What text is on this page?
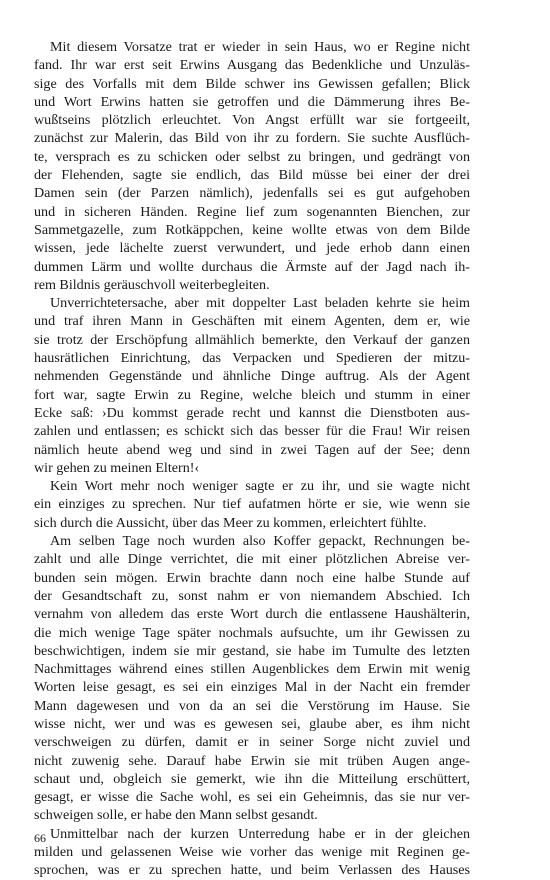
Mit diesem Vorsatze trat er wieder in sein Haus, wo er Regine nicht
fand. Ihr war erst seit Erwins Ausgang das Bedenkliche und Unzuläs-
sige des Vorfalls mit dem Bilde schwer ins Gewissen gefallen; Blick
und Wort Erwins hatten sie getroffen und die Dämmerung ihres Be-
wußtseins plötzlich erleuchtet. Von Angst erfüllt war sie fortgeeilt,
zunächst zur Malerin, das Bild von ihr zu fordern. Sie suchte Ausflüch-
te, versprach es zu schicken oder selbst zu bringen, und gedrängt von
der Flehenden, sagte sie endlich, das Bild müsse bei einer der drei
Damen sein (der Parzen nämlich), jedenfalls sei es gut aufgehoben
und in sicheren Händen. Regine lief zum sogenannten Bienchen, zur
Sammetgazelle, zum Rotkäppchen, keine wollte etwas von dem Bilde
wissen, jede lächelte zuerst verwundert, und jede erhob dann einen
dummen Lärm und wollte durchaus die Ärmste auf der Jagd nach ih-
rem Bildnis geräuschvoll weiterbegleiten.
Unverrichtetersache, aber mit doppelter Last beladen kehrte sie heim
und traf ihren Mann in Geschäften mit einem Agenten, dem er, wie
sie trotz der Erschöpfung allmählich bemerkte, den Verkauf der ganzen
hausrätlichen Einrichtung, das Verpacken und Spedieren der mitzu-
nehmenden Gegenstände und ähnliche Dinge auftrug. Als der Agent
fort war, sagte Erwin zu Regine, welche bleich und stumm in einer
Ecke saß: ›Du kommst gerade recht und kannst die Dienstboten aus-
zahlen und entlassen; es schickt sich das besser für die Frau! Wir reisen
nämlich heute abend weg und sind in zwei Tagen auf der See; denn
wir gehen zu meinen Eltern!‹
Kein Wort mehr noch weniger sagte er zu ihr, und sie wagte nicht
ein einziges zu sprechen. Nur tief aufatmen hörte er sie, wie wenn sie
sich durch die Aussicht, über das Meer zu kommen, erleichtert fühlte.
Am selben Tage noch wurden also Koffer gepackt, Rechnungen be-
zahlt und alle Dinge verrichtet, die mit einer plötzlichen Abreise ver-
bunden sein mögen. Erwin brachte dann noch eine halbe Stunde auf
der Gesandtschaft zu, sonst nahm er von niemandem Abschied. Ich
vernahm von alledem das erste Wort durch die entlassene Haushälterin,
die mich wenige Tage später nochmals aufsuchte, um ihr Gewissen zu
beschwichtigen, indem sie mir gestand, sie habe im Tumulte des letzten
Nachmittages während eines stillen Augenblickes dem Erwin mit wenig
Worten leise gesagt, es sei ein einziges Mal in der Nacht ein fremder
Mann dagewesen und von da an sei die Verstörung im Hause. Sie
wisse nicht, wer und was es gewesen sei, glaube aber, es ihm nicht
verschweigen zu dürfen, damit er in seiner Sorge nicht zuviel und
nicht zuwenig sehe. Darauf habe Erwin sie mit trüben Augen ange-
schaut und, obgleich sie gemerkt, wie ihn die Mitteilung erschüttert,
gesagt, er wisse die Sache wohl, es sei ein Geheimnis, das sie nur ver-
schweigen solle, er habe den Mann selbst gesandt.
Unmittelbar nach der kurzen Unterredung habe er in der gleichen
milden und gelassenen Weise wie vorher das wenige mit Reginen ge-
sprochen, was er zu sprechen hatte, und beim Verlassen des Hauses
66
